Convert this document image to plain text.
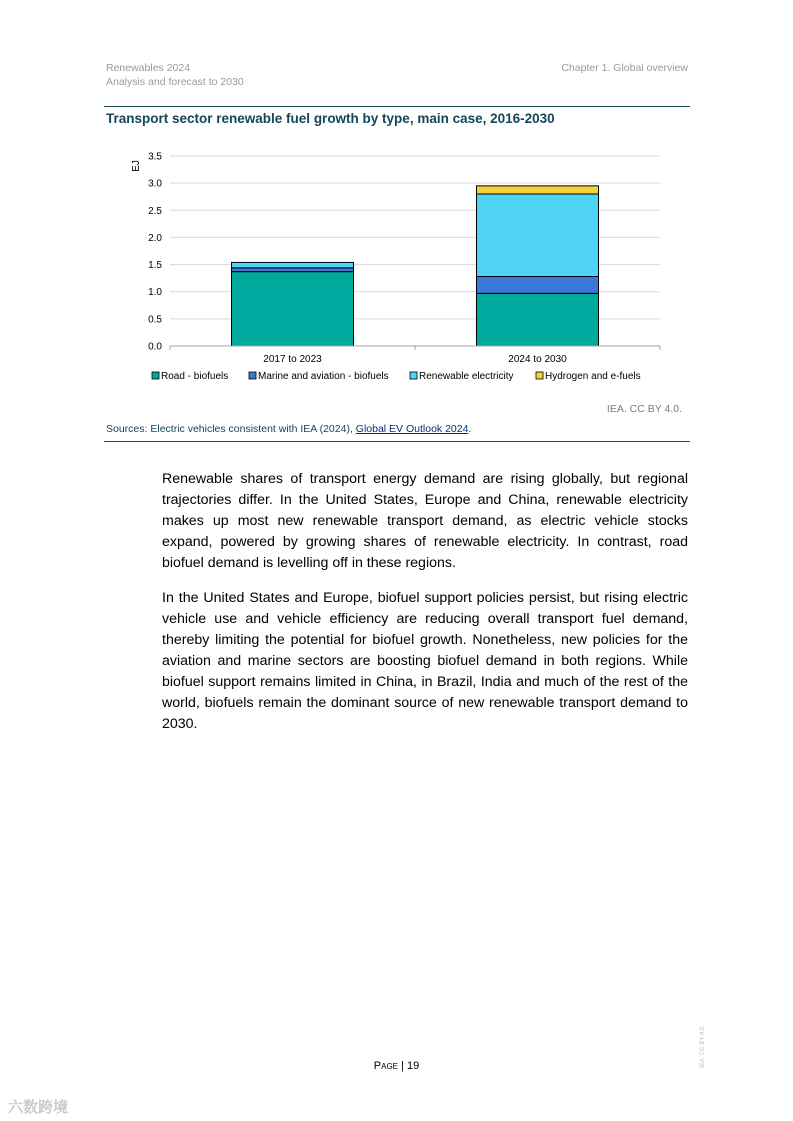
Renewables 2024
Analysis and forecast to 2030
Chapter 1. Global overview
Transport sector renewable fuel growth by type, main case, 2016-2030
0.0
0.5
1.0
1.5
2.0
2.5
3.0
3.5
2017 to 2023	2024 to 2030
EJ
Road - biofuels	Marine and aviation - biofuels	Renewable electricity	Hydrogen and e-fuels
IEA. CC BY 4.0.
Sources: Electric vehicles consistent with IEA (2024), Global EV Outlook 2024.
Renewable shares of transport energy demand are rising globally, but regional trajectories differ. In the United States, Europe and China, renewable electricity makes up most new renewable transport demand, as electric vehicle stocks expand, powered by growing shares of renewable electricity. In contrast, road biofuel demand is levelling off in these regions.
In the United States and Europe, biofuel support policies persist, but rising electric vehicle use and vehicle efficiency are reducing overall transport fuel demand, thereby limiting the potential for biofuel growth. Nonetheless, new policies for the aviation and marine sectors are boosting biofuel demand in both regions. While biofuel support remains limited in China, in Brazil, India and much of the rest of the world, biofuels remain the dominant source of new renewable transport demand to 2030.
Page | 19	IEA. CC BY 4.0.
六数跨境
